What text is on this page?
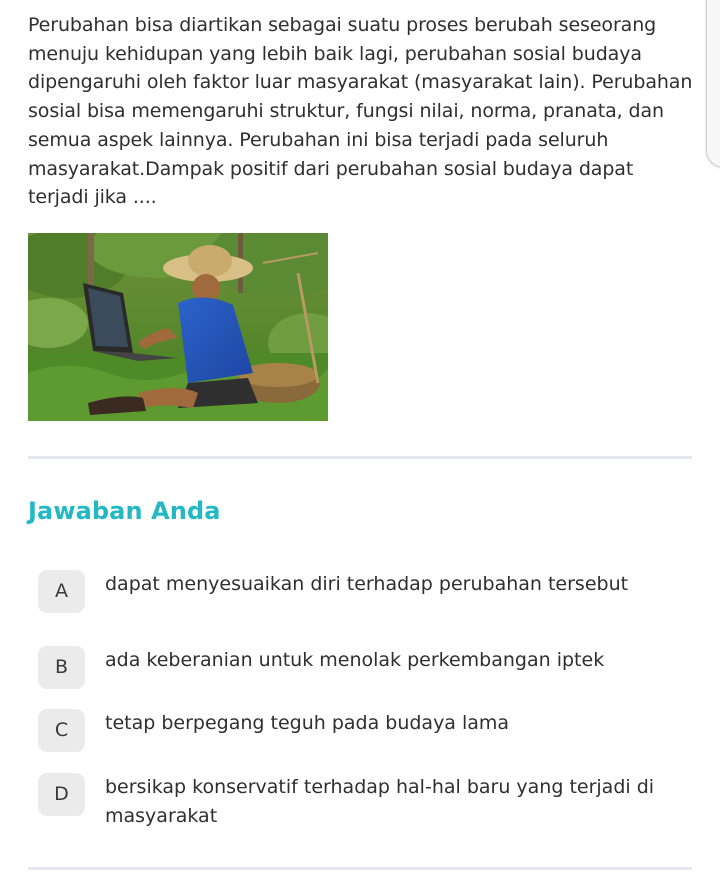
Perubahan bisa diartikan sebagai suatu proses berubah seseorang menuju kehidupan yang lebih baik lagi, perubahan sosial budaya dipengaruhi oleh faktor luar masyarakat (masyarakat lain). Perubahan sosial bisa memengaruhi struktur, fungsi nilai, norma, pranata, dan semua aspek lainnya. Perubahan ini bisa terjadi pada seluruh masyarakat.Dampak positif dari perubahan sosial budaya dapat terjadi jika ....
Jawaban Anda
A	dapat menyesuaikan diri terhadap perubahan tersebut
B	ada keberanian untuk menolak perkembangan iptek
C	tetap berpegang teguh pada budaya lama
D	bersikap konservatif terhadap hal-hal baru yang terjadi di masyarakat
